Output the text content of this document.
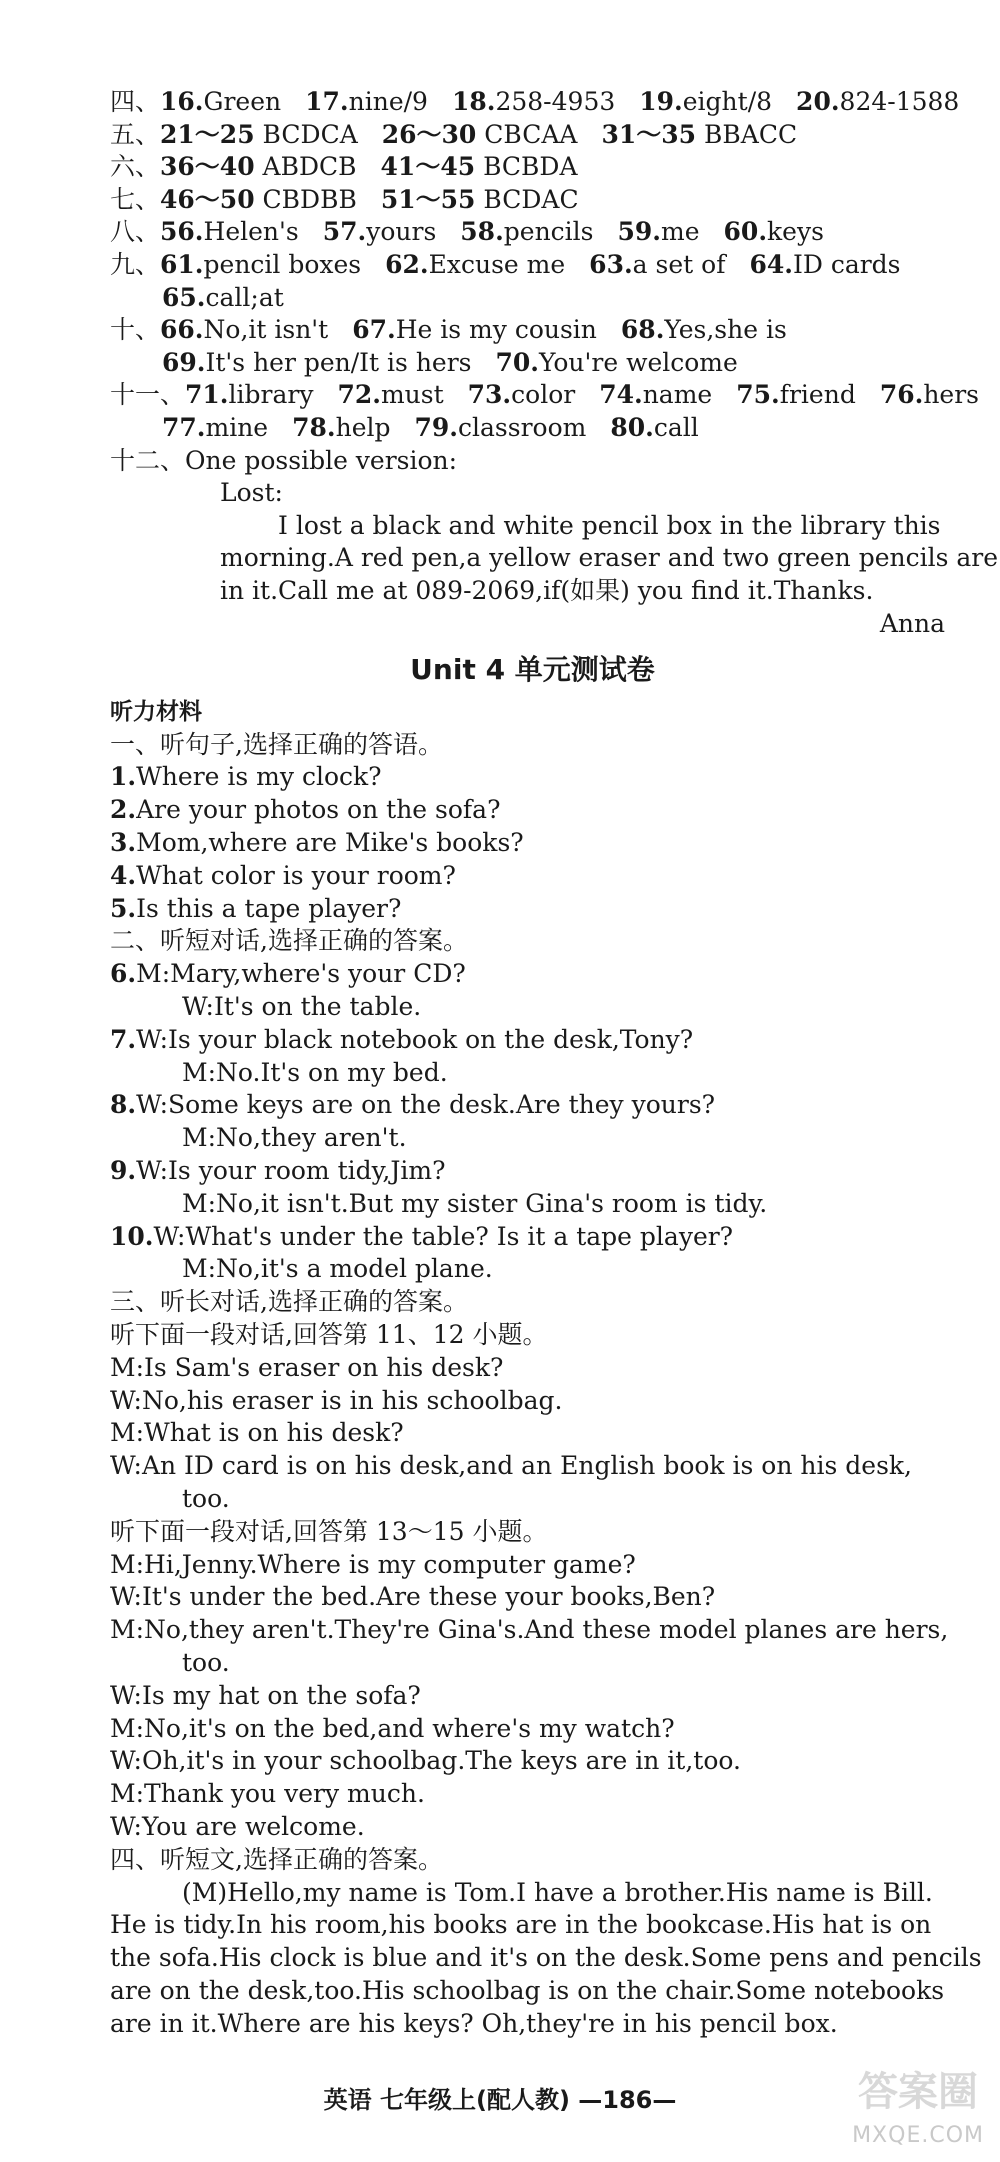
四、16.Green 17.nine/9 18.258-4953 19.eight/8 20.824-1588
五、21～25 BCDCA 26～30 CBCAA 31～35 BBACC
六、36～40 ABDCB 41～45 BCBDA
七、46～50 CBDBB 51～55 BCDAC
八、56.Helen's 57.yours 58.pencils 59.me 60.keys
九、61.pencil boxes 62.Excuse me 63.a set of 64.ID cards
65.call;at
十、66.No,it isn't 67.He is my cousin 68.Yes,she is
69.It's her pen/It is hers 70.You're welcome
十一、71.library 72.must 73.color 74.name 75.friend 76.hers
77.mine 78.help 79.classroom 80.call
十二、One possible version:
Lost:
I lost a black and white pencil box in the library this
morning.A red pen,a yellow eraser and two green pencils are
in it.Call me at 089-2069,if(如果) you find it.Thanks.
Anna
Unit 4 单元测试卷
听力材料
一、听句子,选择正确的答语。
1.Where is my clock?
2.Are your photos on the sofa?
3.Mom,where are Mike's books?
4.What color is your room?
5.Is this a tape player?
二、听短对话,选择正确的答案。
6.M:Mary,where's your CD?
W:It's on the table.
7.W:Is your black notebook on the desk,Tony?
M:No.It's on my bed.
8.W:Some keys are on the desk.Are they yours?
M:No,they aren't.
9.W:Is your room tidy,Jim?
M:No,it isn't.But my sister Gina's room is tidy.
10.W:What's under the table? Is it a tape player?
M:No,it's a model plane.
三、听长对话,选择正确的答案。
听下面一段对话,回答第 11、12 小题。
M:Is Sam's eraser on his desk?
W:No,his eraser is in his schoolbag.
M:What is on his desk?
W:An ID card is on his desk,and an English book is on his desk,
too.
听下面一段对话,回答第 13～15 小题。
M:Hi,Jenny.Where is my computer game?
W:It's under the bed.Are these your books,Ben?
M:No,they aren't.They're Gina's.And these model planes are hers,
too.
W:Is my hat on the sofa?
M:No,it's on the bed,and where's my watch?
W:Oh,it's in your schoolbag.The keys are in it,too.
M:Thank you very much.
W:You are welcome.
四、听短文,选择正确的答案。
(M)Hello,my name is Tom.I have a brother.His name is Bill.
He is tidy.In his room,his books are in the bookcase.His hat is on
the sofa.His clock is blue and it's on the desk.Some pens and pencils
are on the desk,too.His schoolbag is on the chair.Some notebooks
are in it.Where are his keys? Oh,they're in his pencil box.
英语 七年级上(配人教) —186—	答案圈
MXQE.COM
